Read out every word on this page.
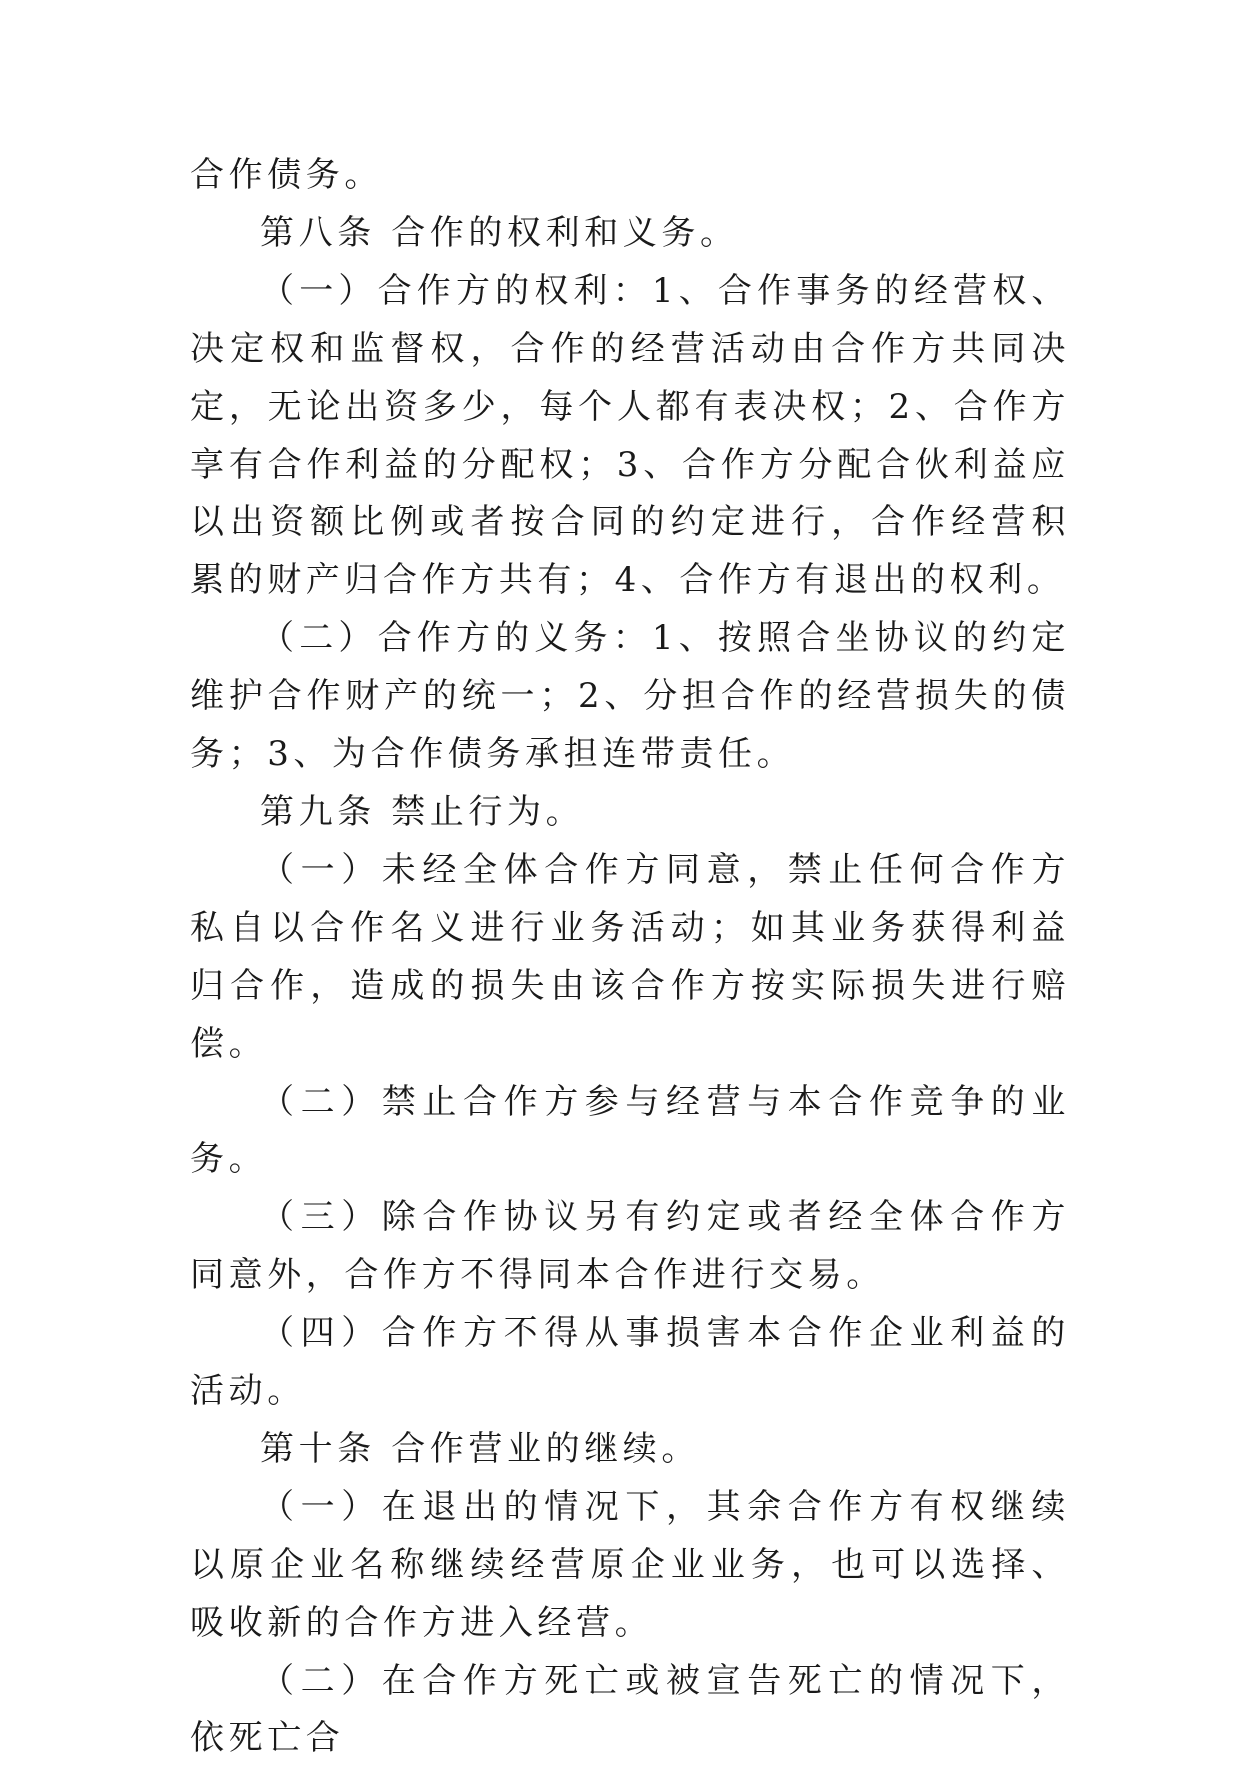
合作债务。

第八条 合作的权利和义务。

（一）合作方的权利：1、合作事务的经营权、决定权和监督权，合作的经营活动由合作方共同决定，无论出资多少，每个人都有表决权；2、合作方享有合作利益的分配权；3、合作方分配合伙利益应以出资额比例或者按合同的约定进行，合作经营积累的财产归合作方共有；4、合作方有退出的权利。

（二）合作方的义务：1、按照合坐协议的约定维护合作财产的统一；2、分担合作的经营损失的债务；3、为合作债务承担连带责任。

第九条 禁止行为。

（一）未经全体合作方同意，禁止任何合作方私自以合作名义进行业务活动；如其业务获得利益归合作，造成的损失由该合作方按实际损失进行赔偿。

（二）禁止合作方参与经营与本合作竞争的业务。

（三）除合作协议另有约定或者经全体合作方同意外，合作方不得同本合作进行交易。

（四）合作方不得从事损害本合作企业利益的活动。

第十条 合作营业的继续。

（一）在退出的情况下，其余合作方有权继续以原企业名称继续经营原企业业务，也可以选择、吸收新的合作方进入经营。

（二）在合作方死亡或被宣告死亡的情况下，依死亡合
